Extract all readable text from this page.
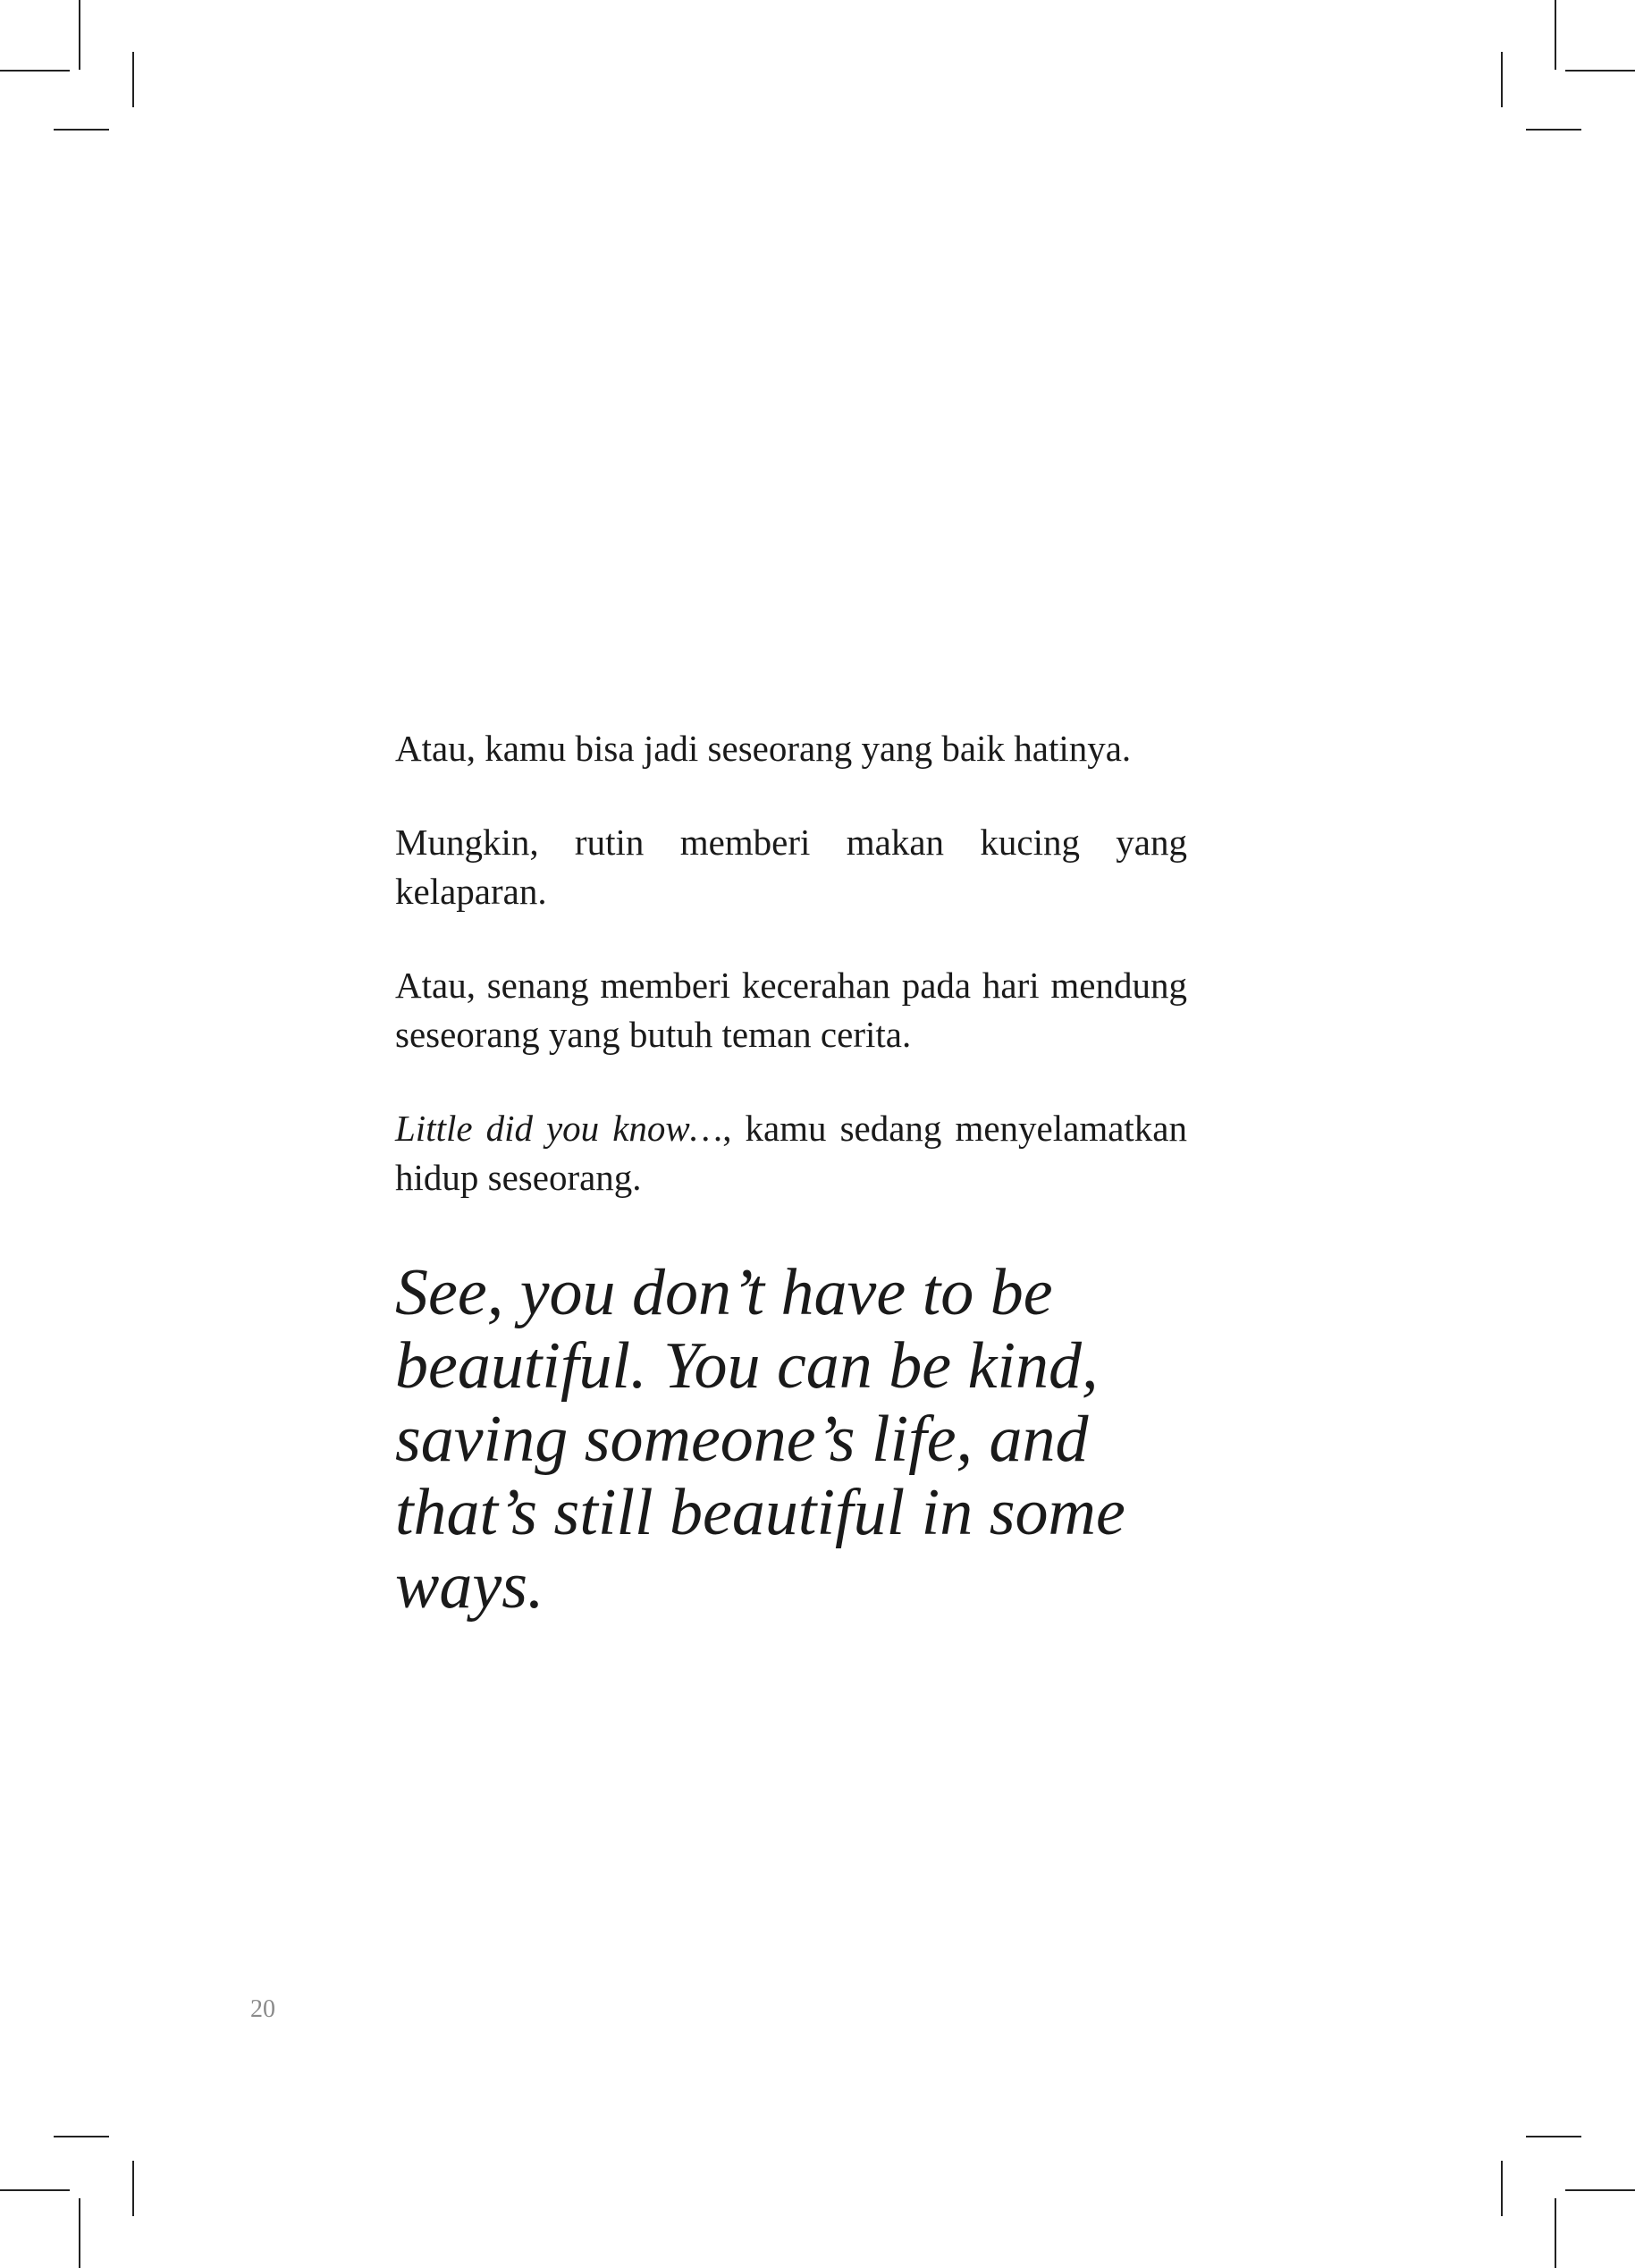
Atau, kamu bisa jadi seseorang yang baik hatinya.

Mungkin, rutin memberi makan kucing yang kelaparan.

Atau, senang memberi kecerahan pada hari mendung seseorang yang butuh teman cerita.

Little did you know…, kamu sedang menyelamatkan hidup seseorang.

See, you don’t have to be beautiful. You can be kind, saving someone’s life, and that’s still beautiful in some ways.

20
